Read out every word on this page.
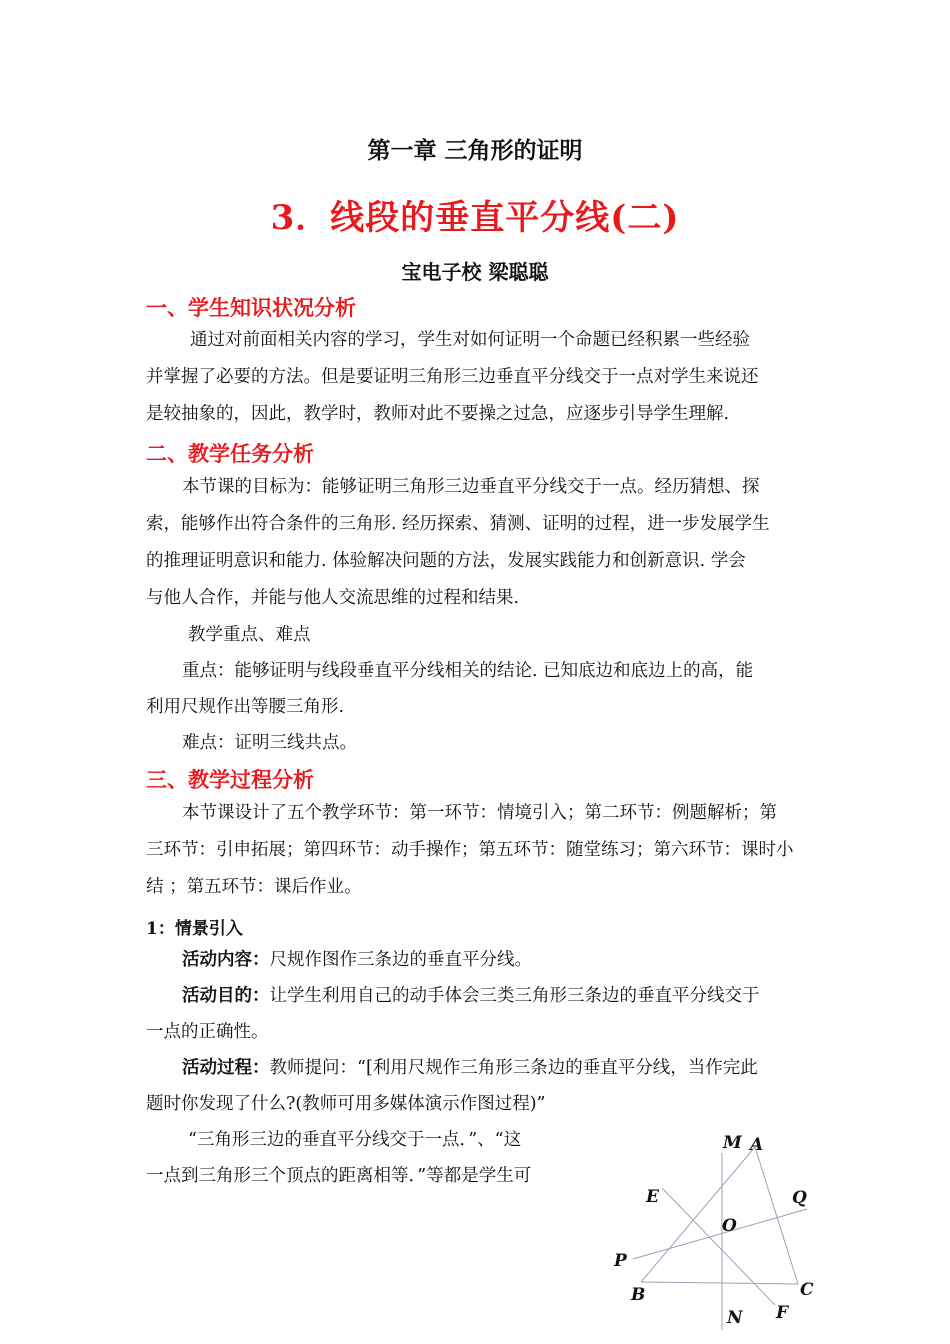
第一章 三角形的证明
3．线段的垂直平分线(二)
宝电子校 梁聪聪
一、学生知识状况分析
通过对前面相关内容的学习，学生对如何证明一个命题已经积累一些经验
并掌握了必要的方法。但是要证明三角形三边垂直平分线交于一点对学生来说还
是较抽象的，因此，教学时，教师对此不要操之过急，应逐步引导学生理解.
二、教学任务分析
本节课的目标为：能够证明三角形三边垂直平分线交于一点。经历猜想、探
索，能够作出符合条件的三角形. 经历探索、猜测、证明的过程，进一步发展学生
的推理证明意识和能力. 体验解决问题的方法，发展实践能力和创新意识. 学会
与他人合作，并能与他人交流思维的过程和结果.
教学重点、难点
重点：能够证明与线段垂直平分线相关的结论. 已知底边和底边上的高，能
利用尺规作出等腰三角形.
难点：证明三线共点。
三、教学过程分析
本节课设计了五个教学环节：第一环节：情境引入；第二环节：例题解析；第
三环节：引申拓展；第四环节：动手操作；第五环节：随堂练习；第六环节：课时小
结 ；第五环节：课后作业。
1：情景引入
活动内容：尺规作图作三条边的垂直平分线。
活动目的：让学生利用自己的动手体会三类三角形三条边的垂直平分线交于
一点的正确性。
活动过程：教师提问：“[利用尺规作三角形三条边的垂直平分线，当作完此
题时你发现了什么?(教师可用多媒体演示作图过程)”
“三角形三边的垂直平分线交于一点．”、“这
一点到三角形三个顶点的距离相等．”等都是学生可
M A
E	Q
O
P
B	C
N F
